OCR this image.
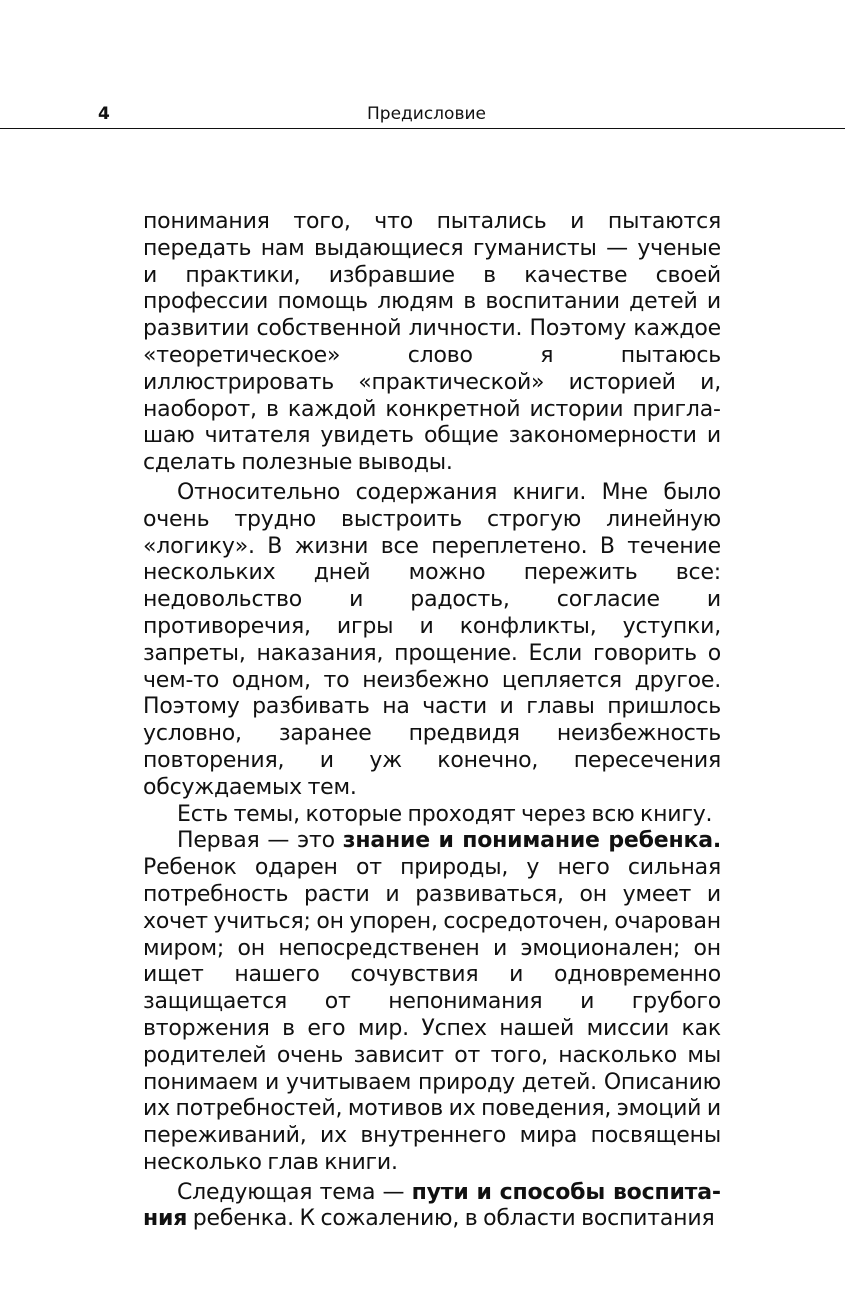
Предисловие
4

понимания того, что пытались и пытаются передать нам выдающиеся гуманисты — ученые и практики, избравшие в качестве своей профессии помощь людям в воспитании детей и развитии собственной личности. Поэтому каждое «теоретическое» слово я пытаюсь иллюстрировать «практической» историей и, наоборот, в каждой конкретной истории приглашаю читателя увидеть общие закономерности и сделать полезные выводы.

Относительно содержания книги. Мне было очень трудно выстроить строгую линейную «логику». В жизни все переплетено. В течение нескольких дней можно пережить все: недовольство и радость, согласие и противоречия, игры и конфликты, уступки, запреты, наказания, прощение. Если говорить о чем-то одном, то неизбежно цепляется другое. Поэтому разбивать на части и главы пришлось условно, заранее предвидя неизбежность повторения, и уж конечно, пересечения обсуждаемых тем.

Есть темы, которые проходят через всю книгу.

Первая — это знание и понимание ребенка. Ребенок одарен от природы, у него сильная потребность расти и развиваться, он умеет и хочет учиться; он упорен, сосредоточен, очарован миром; он непосредственен и эмоционален; он ищет нашего сочувствия и одновременно защищается от непонимания и грубого вторжения в его мир. Успех нашей миссии как родителей очень зависит от того, насколько мы понимаем и учитываем природу детей. Описанию их потребностей, мотивов их поведения, эмоций и переживаний, их внутреннего мира посвящены несколько глав книги.

Следующая тема — пути и способы воспитания ребенка. К сожалению, в области воспитания
